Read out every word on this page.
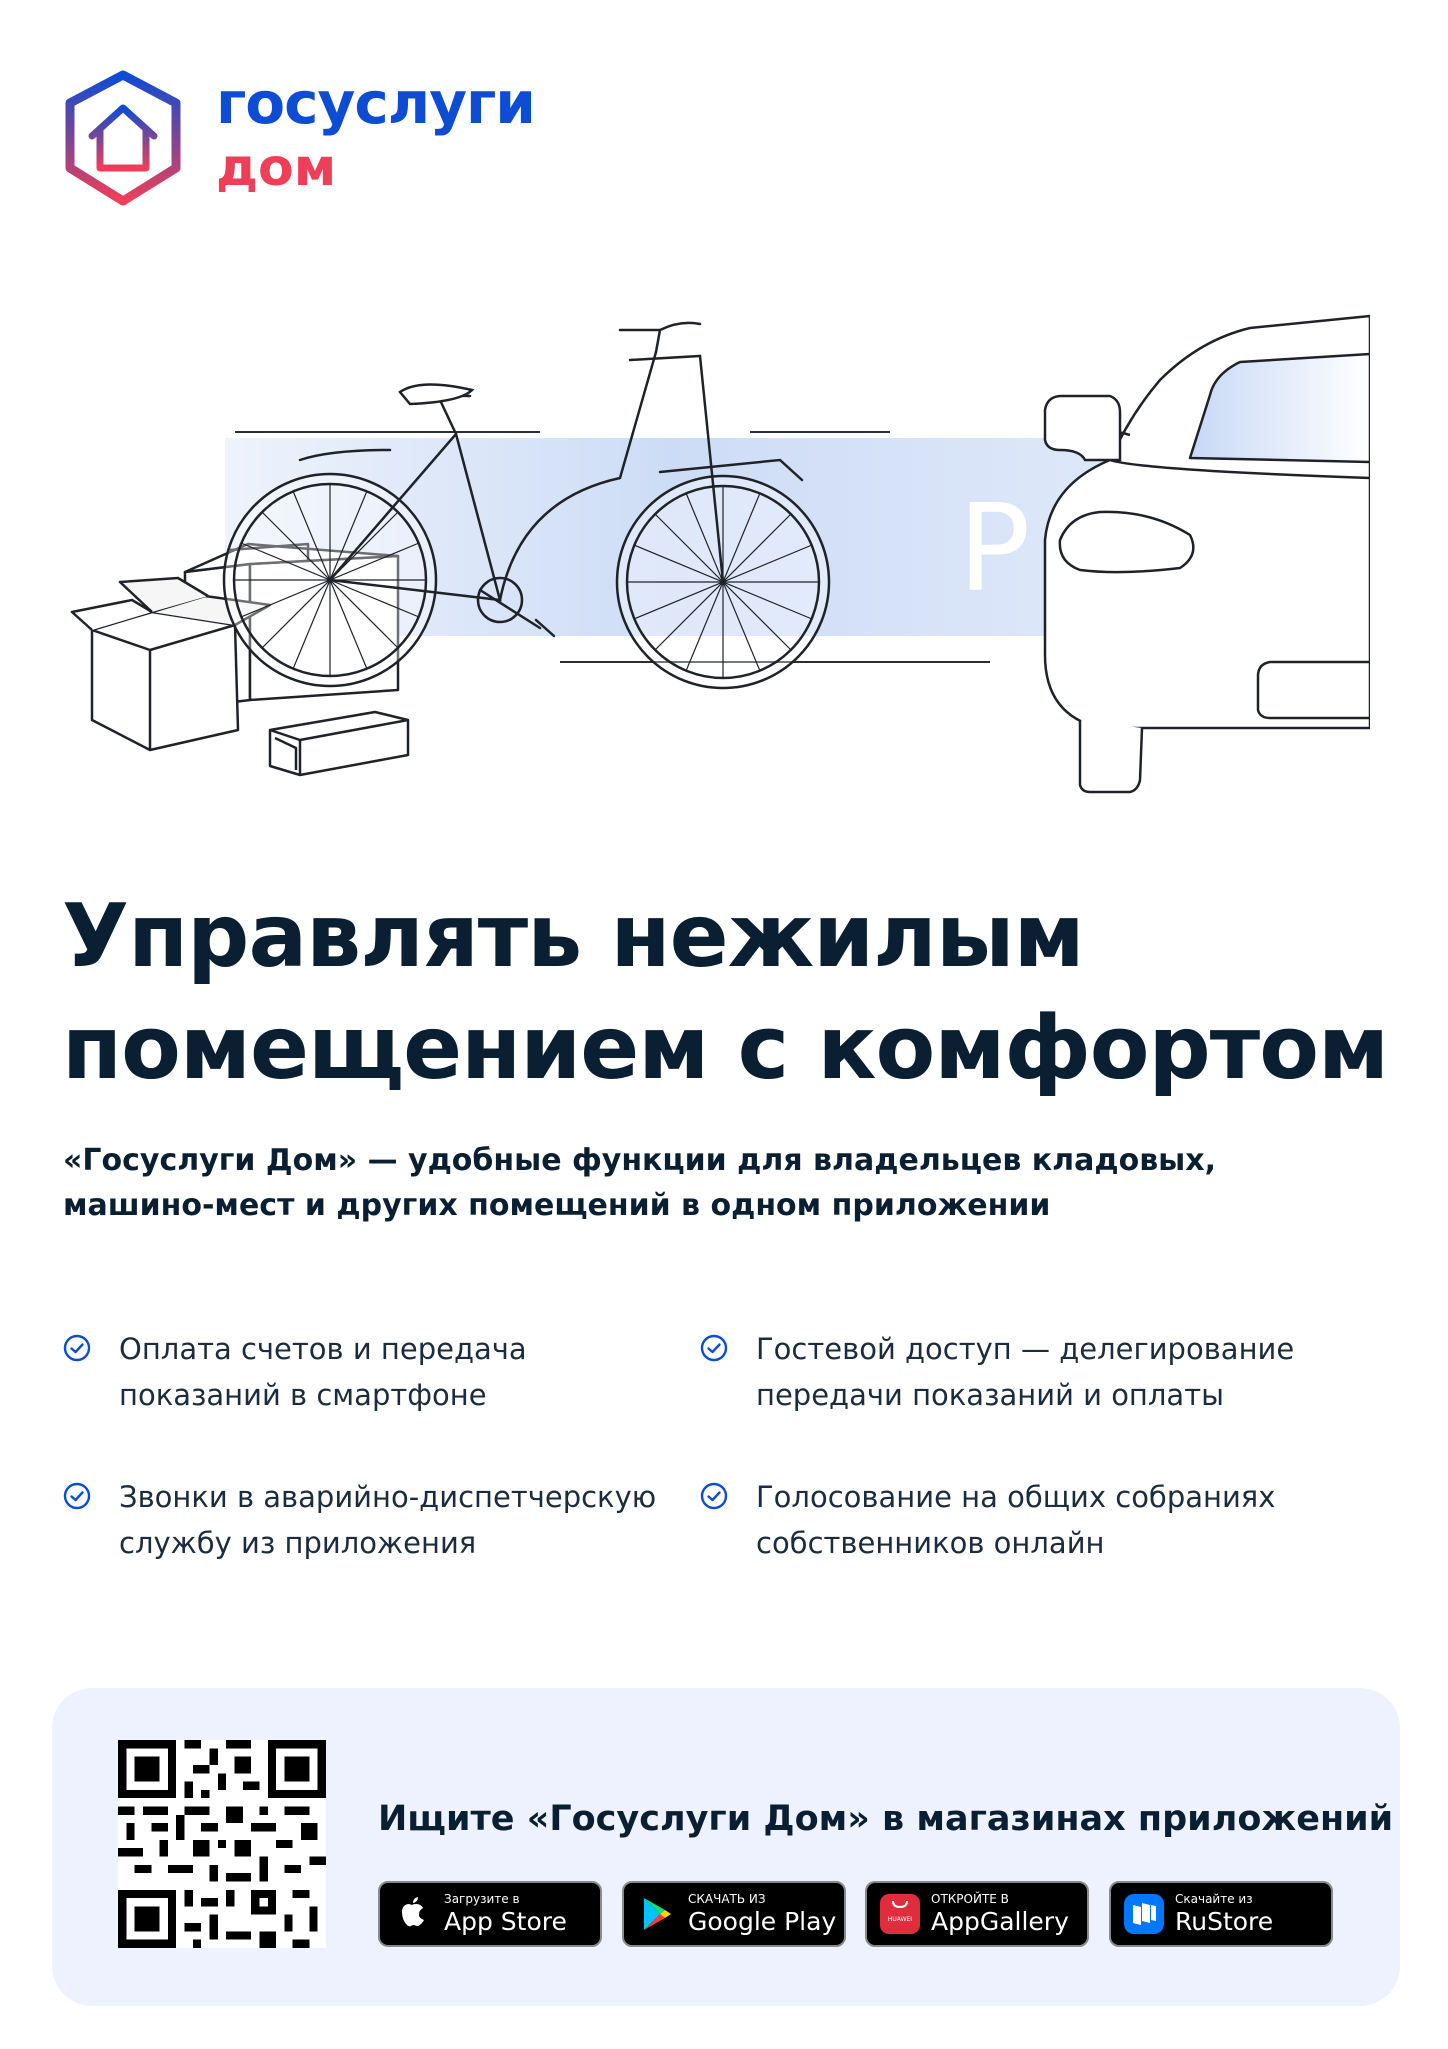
госуслуги
дом
P
Управлять нежилым
помещением с комфортом

«Госуслуги Дом» — удобные функции для владельцев кладовых,
машино-мест и других помещений в одном приложении

Оплата счетов и передача
показаний в смартфоне
Гостевой доступ — делегирование
передачи показаний и оплаты
Звонки в аварийно-диспетчерскую
службу из приложения
Голосование на общих собраниях
собственников онлайн
Ищите «Госуслуги Дом» в магазинах приложений
Загрузите в
App Store
СКАЧАТЬ ИЗ
Google Play	HUAWEI
ОТКРОЙТЕ В
AppGallery
Скачайте из
RuStore
